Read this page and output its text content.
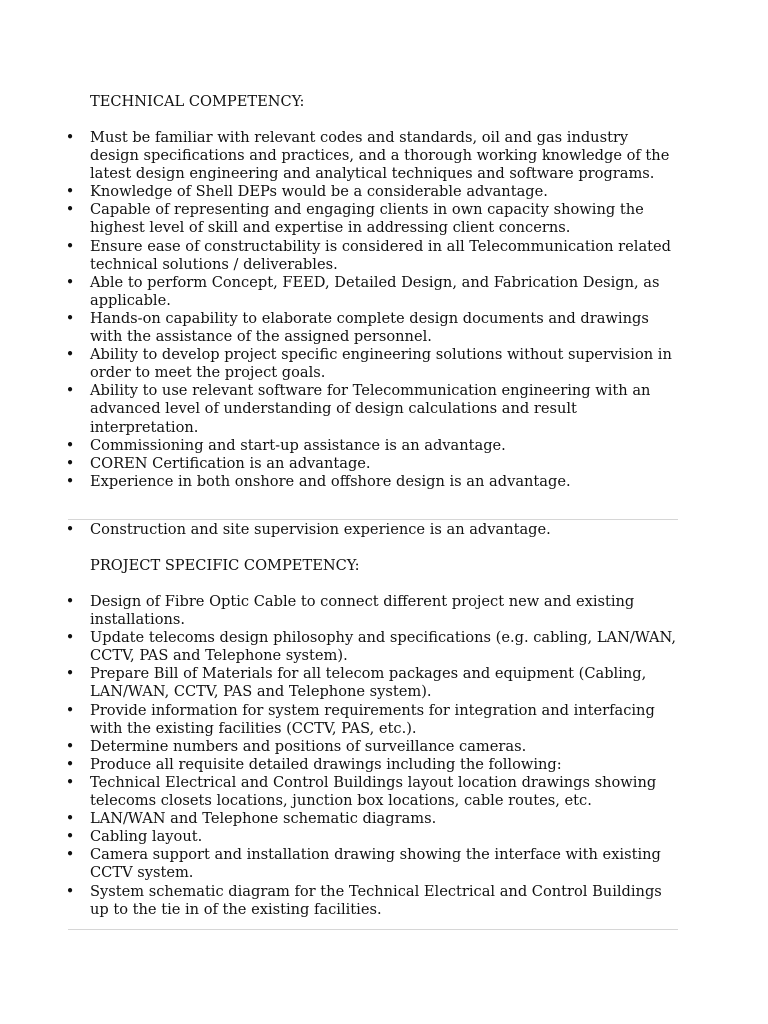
TECHNICAL COMPETENCY:
• Must be familiar with relevant codes and standards, oil and gas industry design specifications and practices, and a thorough working knowledge of the latest design engineering and analytical techniques and software programs.
• Knowledge of Shell DEPs would be a considerable advantage.
• Capable of representing and engaging clients in own capacity showing the highest level of skill and expertise in addressing client concerns.
• Ensure ease of constructability is considered in all Telecommunication related technical solutions / deliverables.
• Able to perform Concept, FEED, Detailed Design, and Fabrication Design, as applicable.
• Hands-on capability to elaborate complete design documents and drawings with the assistance of the assigned personnel.
• Ability to develop project specific engineering solutions without supervision in order to meet the project goals.
• Ability to use relevant software for Telecommunication engineering with an advanced level of understanding of design calculations and result interpretation.
• Commissioning and start-up assistance is an advantage.
• COREN Certification is an advantage.
• Experience in both onshore and offshore design is an advantage.
• Construction and site supervision experience is an advantage.
PROJECT SPECIFIC COMPETENCY:
• Design of Fibre Optic Cable to connect different project new and existing installations.
• Update telecoms design philosophy and specifications (e.g. cabling, LAN/WAN, CCTV, PAS and Telephone system).
• Prepare Bill of Materials for all telecom packages and equipment (Cabling, LAN/WAN, CCTV, PAS and Telephone system).
• Provide information for system requirements for integration and interfacing with the existing facilities (CCTV, PAS, etc.).
• Determine numbers and positions of surveillance cameras.
• Produce all requisite detailed drawings including the following:
• Technical Electrical and Control Buildings layout location drawings showing telecoms closets locations, junction box locations, cable routes, etc.
• LAN/WAN and Telephone schematic diagrams.
• Cabling layout.
• Camera support and installation drawing showing the interface with existing CCTV system.
• System schematic diagram for the Technical Electrical and Control Buildings up to the tie in of the existing facilities.
